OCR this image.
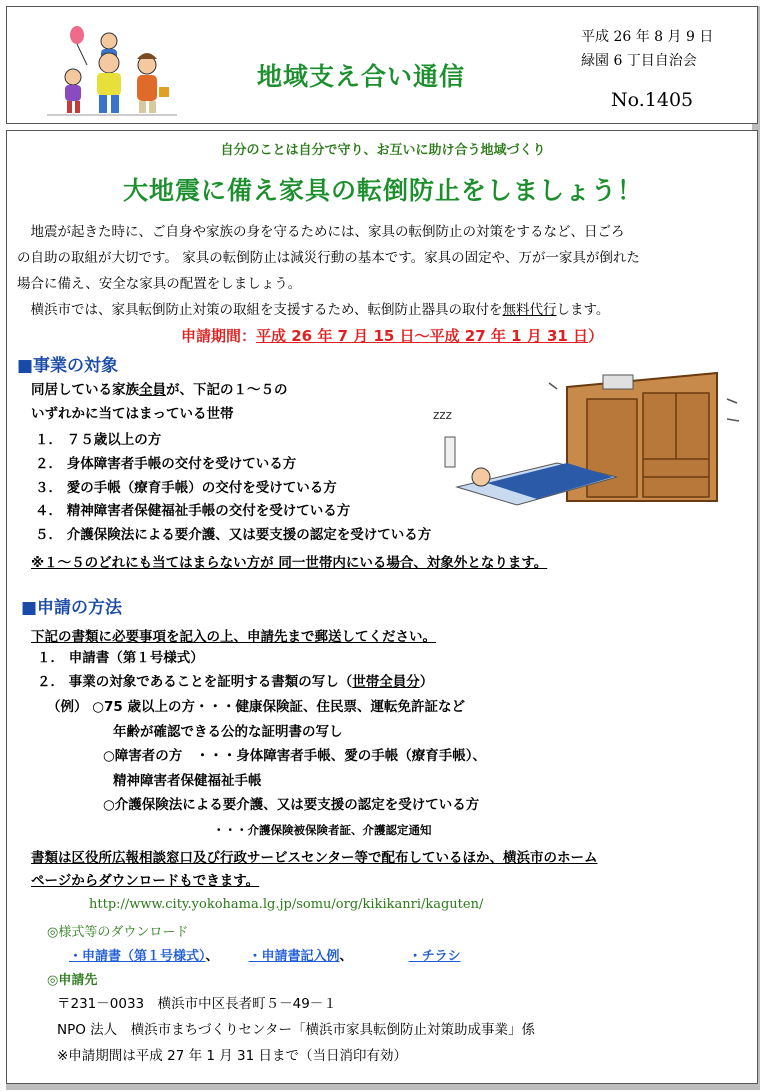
地域支え合い通信
平成 26 年 8 月 9 日
緑園 6 丁目自治会
No.1405
自分のことは自分で守り、お互いに助け合う地域づくり
大地震に備え家具の転倒防止をしましょう！
　地震が起きた時に、ご自身や家族の身を守るためには、家具の転倒防止の対策をするなど、日ごろ
の自助の取組が大切です。 家具の転倒防止は減災行動の基本です。家具の固定や、万が一家具が倒れた
場合に備え、安全な家具の配置をしましょう。
　横浜市では、家具転倒防止対策の取組を支援するため、転倒防止器具の取付を無料代行します。
申請期間：平成 26 年 7 月 15 日～平成 27 年 1 月 31 日）
■事業の対象
同居している家族全員が、下記の１～５の
いずれかに当てはまっている世帯
１． ７５歳以上の方
２． 身体障害者手帳の交付を受けている方
３． 愛の手帳（療育手帳）の交付を受けている方
４． 精神障害者保健福祉手帳の交付を受けている方
５． 介護保険法による要介護、又は要支援の認定を受けている方
※１～５のどれにも当てはまらない方が 同一世帯内にいる場合、対象外となります。
zzz
■申請の方法
下記の書類に必要事項を記入の上、申請先まで郵送してください。
１． 申請書（第１号様式）
２． 事業の対象であることを証明する書類の写し（世帯全員分）
（例） ○75 歳以上の方・・・健康保険証、住民票、運転免許証など
年齢が確認できる公的な証明書の写し
○障害者の方　・・・身体障害者手帳、愛の手帳（療育手帳）、
精神障害者保健福祉手帳
○介護保険法による要介護、又は要支援の認定を受けている方
・・・介護保険被保険者証、介護認定通知
書類は区役所広報相談窓口及び行政サービスセンター等で配布しているほか、横浜市のホーム
ページからダウンロードもできます。
http://www.city.yokohama.lg.jp/somu/org/kikikanri/kaguten/
◎様式等のダウンロード
・申請書（第１号様式）、 ・申請書記入例、	・チラシ
◎申請先
〒231－0033　横浜市中区長者町５－49－１
NPO 法人　横浜市まちづくりセンター「横浜市家具転倒防止対策助成事業」係
※申請期間は平成 27 年 1 月 31 日まで（当日消印有効）
